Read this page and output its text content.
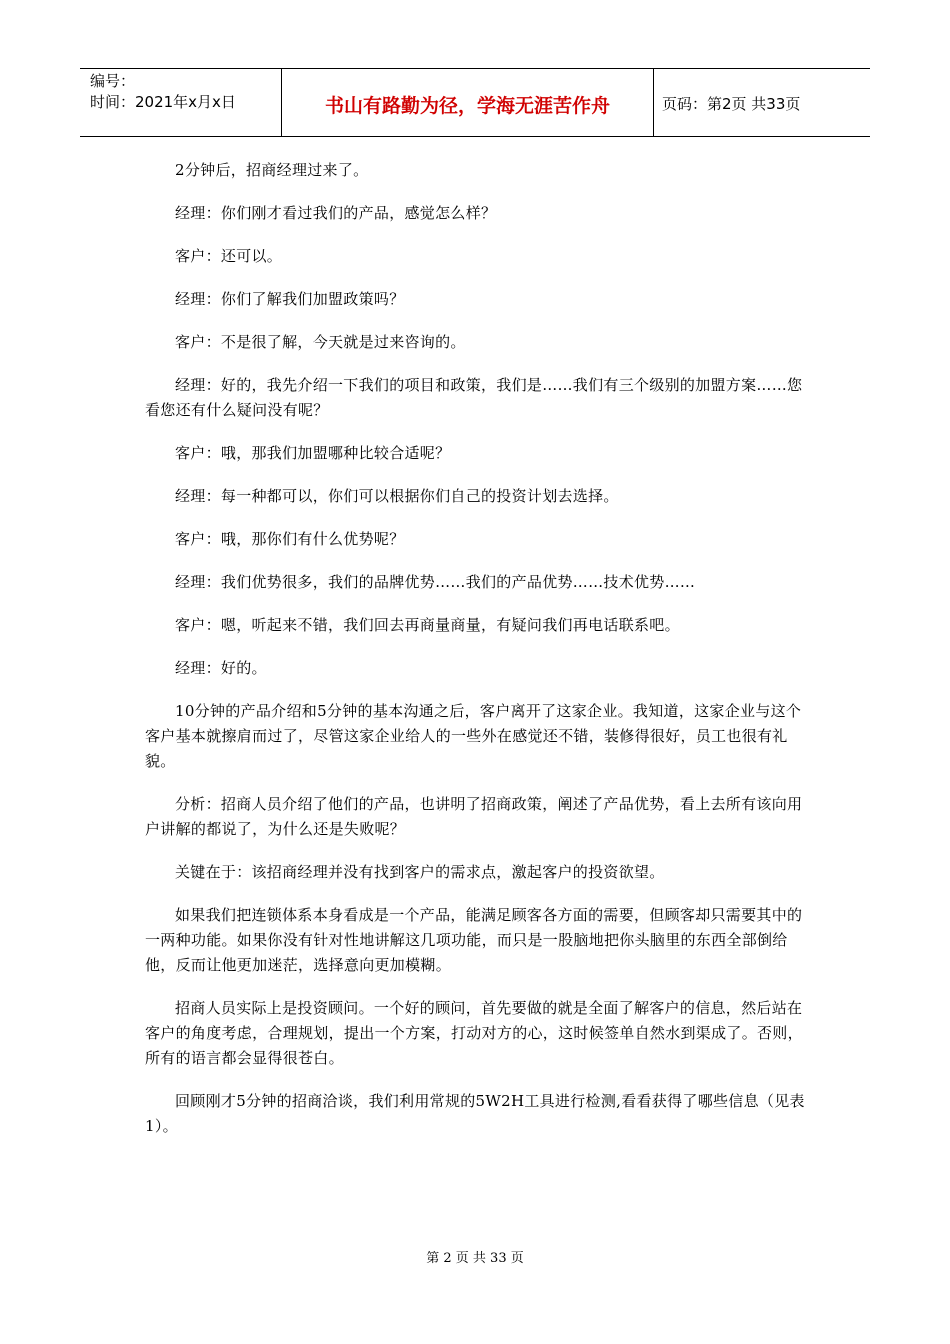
编号：
时间：2021年x月x日	书山有路勤为径，学海无涯苦作舟	页码：第2页 共33页

2分钟后，招商经理过来了。

经理：你们刚才看过我们的产品，感觉怎么样？

客户：还可以。

经理：你们了解我们加盟政策吗？

客户：不是很了解，今天就是过来咨询的。

经理：好的，我先介绍一下我们的项目和政策，我们是……我们有三个级别的加盟方案……您看您还有什么疑问没有呢？

客户：哦，那我们加盟哪种比较合适呢？

经理：每一种都可以，你们可以根据你们自己的投资计划去选择。

客户：哦，那你们有什么优势呢？

经理：我们优势很多，我们的品牌优势……我们的产品优势……技术优势……

客户：嗯，听起来不错，我们回去再商量商量，有疑问我们再电话联系吧。

经理：好的。

10分钟的产品介绍和5分钟的基本沟通之后，客户离开了这家企业。我知道，这家企业与这个客户基本就擦肩而过了，尽管这家企业给人的一些外在感觉还不错，装修得很好，员工也很有礼貌。

分析：招商人员介绍了他们的产品，也讲明了招商政策，阐述了产品优势，看上去所有该向用户讲解的都说了，为什么还是失败呢？

关键在于：该招商经理并没有找到客户的需求点，激起客户的投资欲望。

如果我们把连锁体系本身看成是一个产品，能满足顾客各方面的需要，但顾客却只需要其中的一两种功能。如果你没有针对性地讲解这几项功能，而只是一股脑地把你头脑里的东西全部倒给他，反而让他更加迷茫，选择意向更加模糊。

招商人员实际上是投资顾问。一个好的顾问，首先要做的就是全面了解客户的信息，然后站在客户的角度考虑，合理规划，提出一个方案，打动对方的心，这时候签单自然水到渠成了。否则，所有的语言都会显得很苍白。

回顾刚才5分钟的招商洽谈，我们利用常规的5W2H工具进行检测,看看获得了哪些信息（见表1）。

第 2 页 共 33 页
